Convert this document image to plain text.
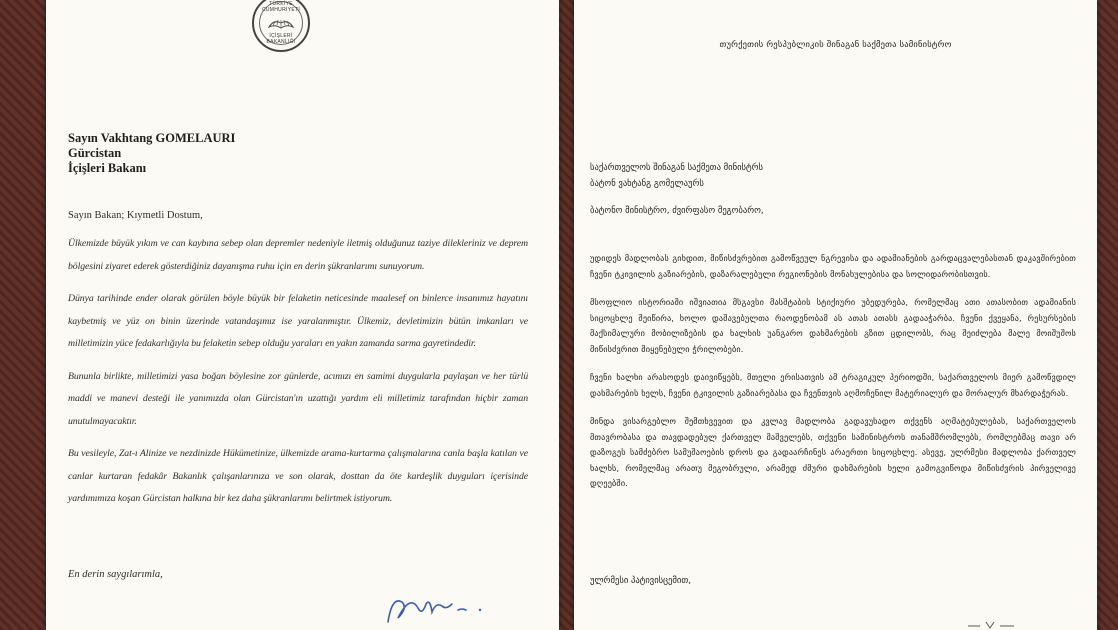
TÜRKİYE CUMHURİYETİ
İÇİŞLERİ BAKANLIĞI
Sayın Vakhtang GOMELAURI
Gürcistan
İçişleri Bakanı
Sayın Bakan; Kıymetli Dostum,

Ülkemizde büyük yıkım ve can kaybına sebep olan depremler nedeniyle iletmiş olduğunuz taziye dilekleriniz ve deprem bölgesini ziyaret ederek gösterdiğiniz dayanışma ruhu için en derin şükranlarımı sunuyorum.

Dünya tarihinde ender olarak görülen böyle büyük bir felaketin neticesinde maalesef on binlerce insanımız hayatını kaybetmiş ve yüz on binin üzerinde vatandaşımız ise yaralanmıştır. Ülkemiz, devletimizin bütün imkanları ve milletimizin yüce fedakarlığıyla bu felaketin sebep olduğu yaraları en yakın zamanda sarma gayretindedir.

Bununla birlikte, milletimizi yasa boğan böylesine zor günlerde, acımızı en samimi duygularla paylaşan ve her türlü maddi ve manevi desteği ile yanımızda olan Gürcistan'ın uzattığı yardım eli milletimiz tarafından hiçbir zaman unutulmayacaktır.

Bu vesileyle, Zat-ı Alinize ve nezdinizde Hükümetinize, ülkemizde arama-kurtarma çalışmalarına canla başla katılan ve canlar kurtaran fedakâr Bakanlık çalışanlarınıza ve son olarak, dosttan da öte kardeşlik duyguları içerisinde yardımımıza koşan Gürcistan halkına bir kez daha şükranlarımı belirtmek istiyorum.

En derin saygılarımla,
თურქეთის რესპუბლიკის შინაგან საქმეთა სამინისტრო
საქართველოს შინაგან საქმეთა მინისტრს
ბატონ ვახტანგ გომელაურს
ბატონო მინისტრო, ძვირფასო მეგობარო,

უდიდეს მადლობას გიხდით, მიწისძვრებით გამოწვეულ ნგრევისა და ადამიანების გარდაცვალებასთან დაკავშირებით ჩვენი ტკივილის გაზიარების, დაზარალებული რეგიონების მონახულებისა და სოლიდარობისთვის.

მსოფლიო ისტორიაში იშვიათია მსგავსი მასშტაბის სტიქიური უბედურება, რომელმაც ათი ათასობით ადამიანის სიცოცხლე შეიწირა, ხოლო დაშავებულთა რაოდენობამ ას ათას ათასს გადააჭარბა. ჩვენი ქვეყანა, რესურსების მაქსიმალური მობილიზების და ხალხის უანგარო დახმარების გზით ცდილობს, რაც შეიძლება მალე მოიშუშოს მიწისძვრით მიყენებული ჭრილობები.

ჩვენი ხალხი არასოდეს დაივიწყებს, მთელი ერისათვის ამ ტრაგიკულ პერიოდში, საქართველოს მიერ გამოწვდილ დახმარების ხელს, ჩვენი ტკივილის გაზიარებასა და ჩვენთვის აღმოჩენილ მატერიალურ და მორალურ მხარდაჭერას.

მინდა ვისარგებლო შემთხვევით და კვლავ მადლობა გადავუხადო თქვენს აღმატებულებას, საქართველოს მთავრობასა და თავდადებულ ქართველ მაშველებს, თქვენი სამინისტროს თანამშრომლებს, რომლებმაც თავი არ დაზოგეს სამძებრო სამუშაოების დროს და გადაარჩინეს არაერთი სიცოცხლე. ასევე, ულრმესი მადლობა ქართველ ხალხს, რომელმაც არათუ მეგობრული, არამედ ძმური დახმარების ხელი გამოგვიწოდა მიწისძვრის პირველივე დღეებში.

ულრმესი პატივისცემით,
